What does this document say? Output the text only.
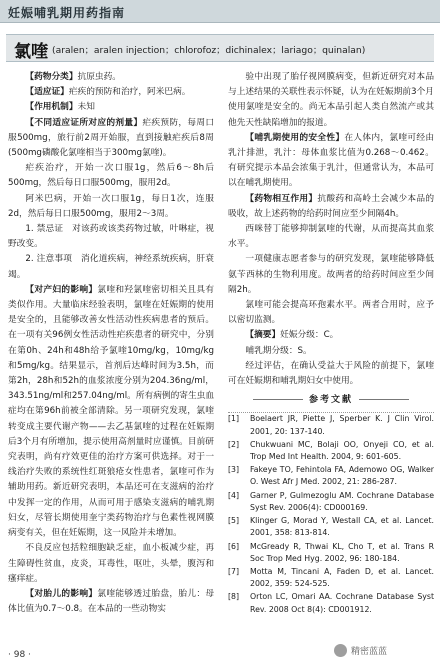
妊娠哺乳期用药指南
氯喹 (aralen；aralen injection；chlorofoz；dichinalex；lariago；quinalan)

【药物分类】抗原虫药。

【适应证】疟疾的预防和治疗，阿米巴病。

【作用机制】未知

【不同适应证所对应的剂量】疟疾预防，每周口服500mg，旅行前2周开始服，直到接触疟疾后8周(500mg磷酸化氯喹相当于300mg氯喹)。

疟疾治疗，开始一次口服1g，然后6～8h后500mg，然后每日口服500mg，服用2d。

阿米巴病，开始一次口服1g，每日1次，连服2d，然后每日口服500mg，服用2～3周。

1. 禁忌证　对该药或该类药物过敏，叶啉症，视野改变。

2. 注意事项　消化道疾病，神经系统疾病，肝衰竭。

【对产妇的影响】氯喹和羟氯喹密切相关且具有类似作用。大量临床经验表明，氯喹在妊娠期的使用是安全的，且能够改善女性活动性疾病患者的预后。在一项有关96例女性活动性疟疾患者的研究中，分别在第0h、24h和48h给予氯喹10mg/kg，10mg/kg和5mg/kg。结果显示，首剂后达峰时间为3.5h，而第2h，28h和52h的血浆浓度分别为204.36ng/ml，343.51ng/ml和257.04ng/ml。所有病例的寄生虫血症均在第96h前被全部清除。另一项研究发现，氯喹转变成主要代谢产物——去乙基氯喹的过程在妊娠期后3个月有所增加，提示使用高剂量时应谨慎。目前研究表明，尚有疗效更佳的治疗方案可供选择。对于一线治疗失败的系统性红斑狼疮女性患者，氯喹可作为辅助用药。新近研究表明，本品还可在支滋病的治疗中发挥一定的作用，从而可用于感染支滋病的哺乳期妇女，尽管长期使用奎宁类药物治疗与色素性视网膜病变有关，但在妊娠期，这一风险并未增加。

不良反应包括粒细胞缺乏症，血小板减少症，再生障碍性贫血，皮炎，耳毒性，呕吐，头晕，腹泻和瘙痒症。

【对胎儿的影响】氯喹能够透过胎盘，胎儿：母体比值为0.7～0.8。在本品的一些动物实

验中出现了胎仔视网膜病变，但新近研究对本品与上述结果的关联性表示怀疑，认为在妊娠期前3个月使用氯喹是安全的。尚无本品引起人类自然流产或其他先天性缺陷增加的报道。

【哺乳期使用的安全性】在人体内，氯喹可经由乳汁排泄，乳汁：母体血浆比值为0.268～0.462。有研究提示本品会浓集于乳汁，但通常认为，本品可以在哺乳期使用。

【药物相互作用】抗酸药和高岭土会减少本品的吸收，故上述药物的给药时间应至少间隔4h。

西咪替丁能够抑制氯喹的代谢，从而提高其血浆水平。

一项健康志愿者参与的研究发现，氯喹能够降低氨苄西林的生物利用度。故两者的给药时间应至少间隔2h。

氯喹可能会提高环孢素水平。两者合用时，应予以密切监测。

【摘要】妊娠分级：C。

哺乳期分级：S。

经过评估，在确认受益大于风险的前提下，氯喹可在妊娠期和哺乳期妇女中使用。

参考文献
[1]	Boelaert JR, Piette J, Sperber K. J Clin Virol. 2001, 20: 137-140.
[2]	Chukwuani MC, Bolaji OO, Onyeji CO, et al. Trop Med Int Health. 2004, 9: 601-605.
[3]	Fakeye TO, Fehintola FA, Ademowo OG, Walker O. West Afr J Med. 2002, 21: 286-287.
[4]	Garner P, Gulmezoglu AM. Cochrane Database Syst Rev. 2006(4): CD000169.
[5]	Klinger G, Morad Y, Westall CA, et al. Lancet. 2001, 358: 813-814.
[6]	McGready R, Thwai KL, Cho T, et al. Trans R Soc Trop Med Hyg. 2002, 96: 180-184.
[7]	Motta M, Tincani A, Faden D, et al. Lancet. 2002, 359: 524-525.
[8]	Orton LC, Omari AA. Cochrane Database Syst Rev. 2008 Oct 8(4): CD001912.
· 98 ·	精密蓝蓝
